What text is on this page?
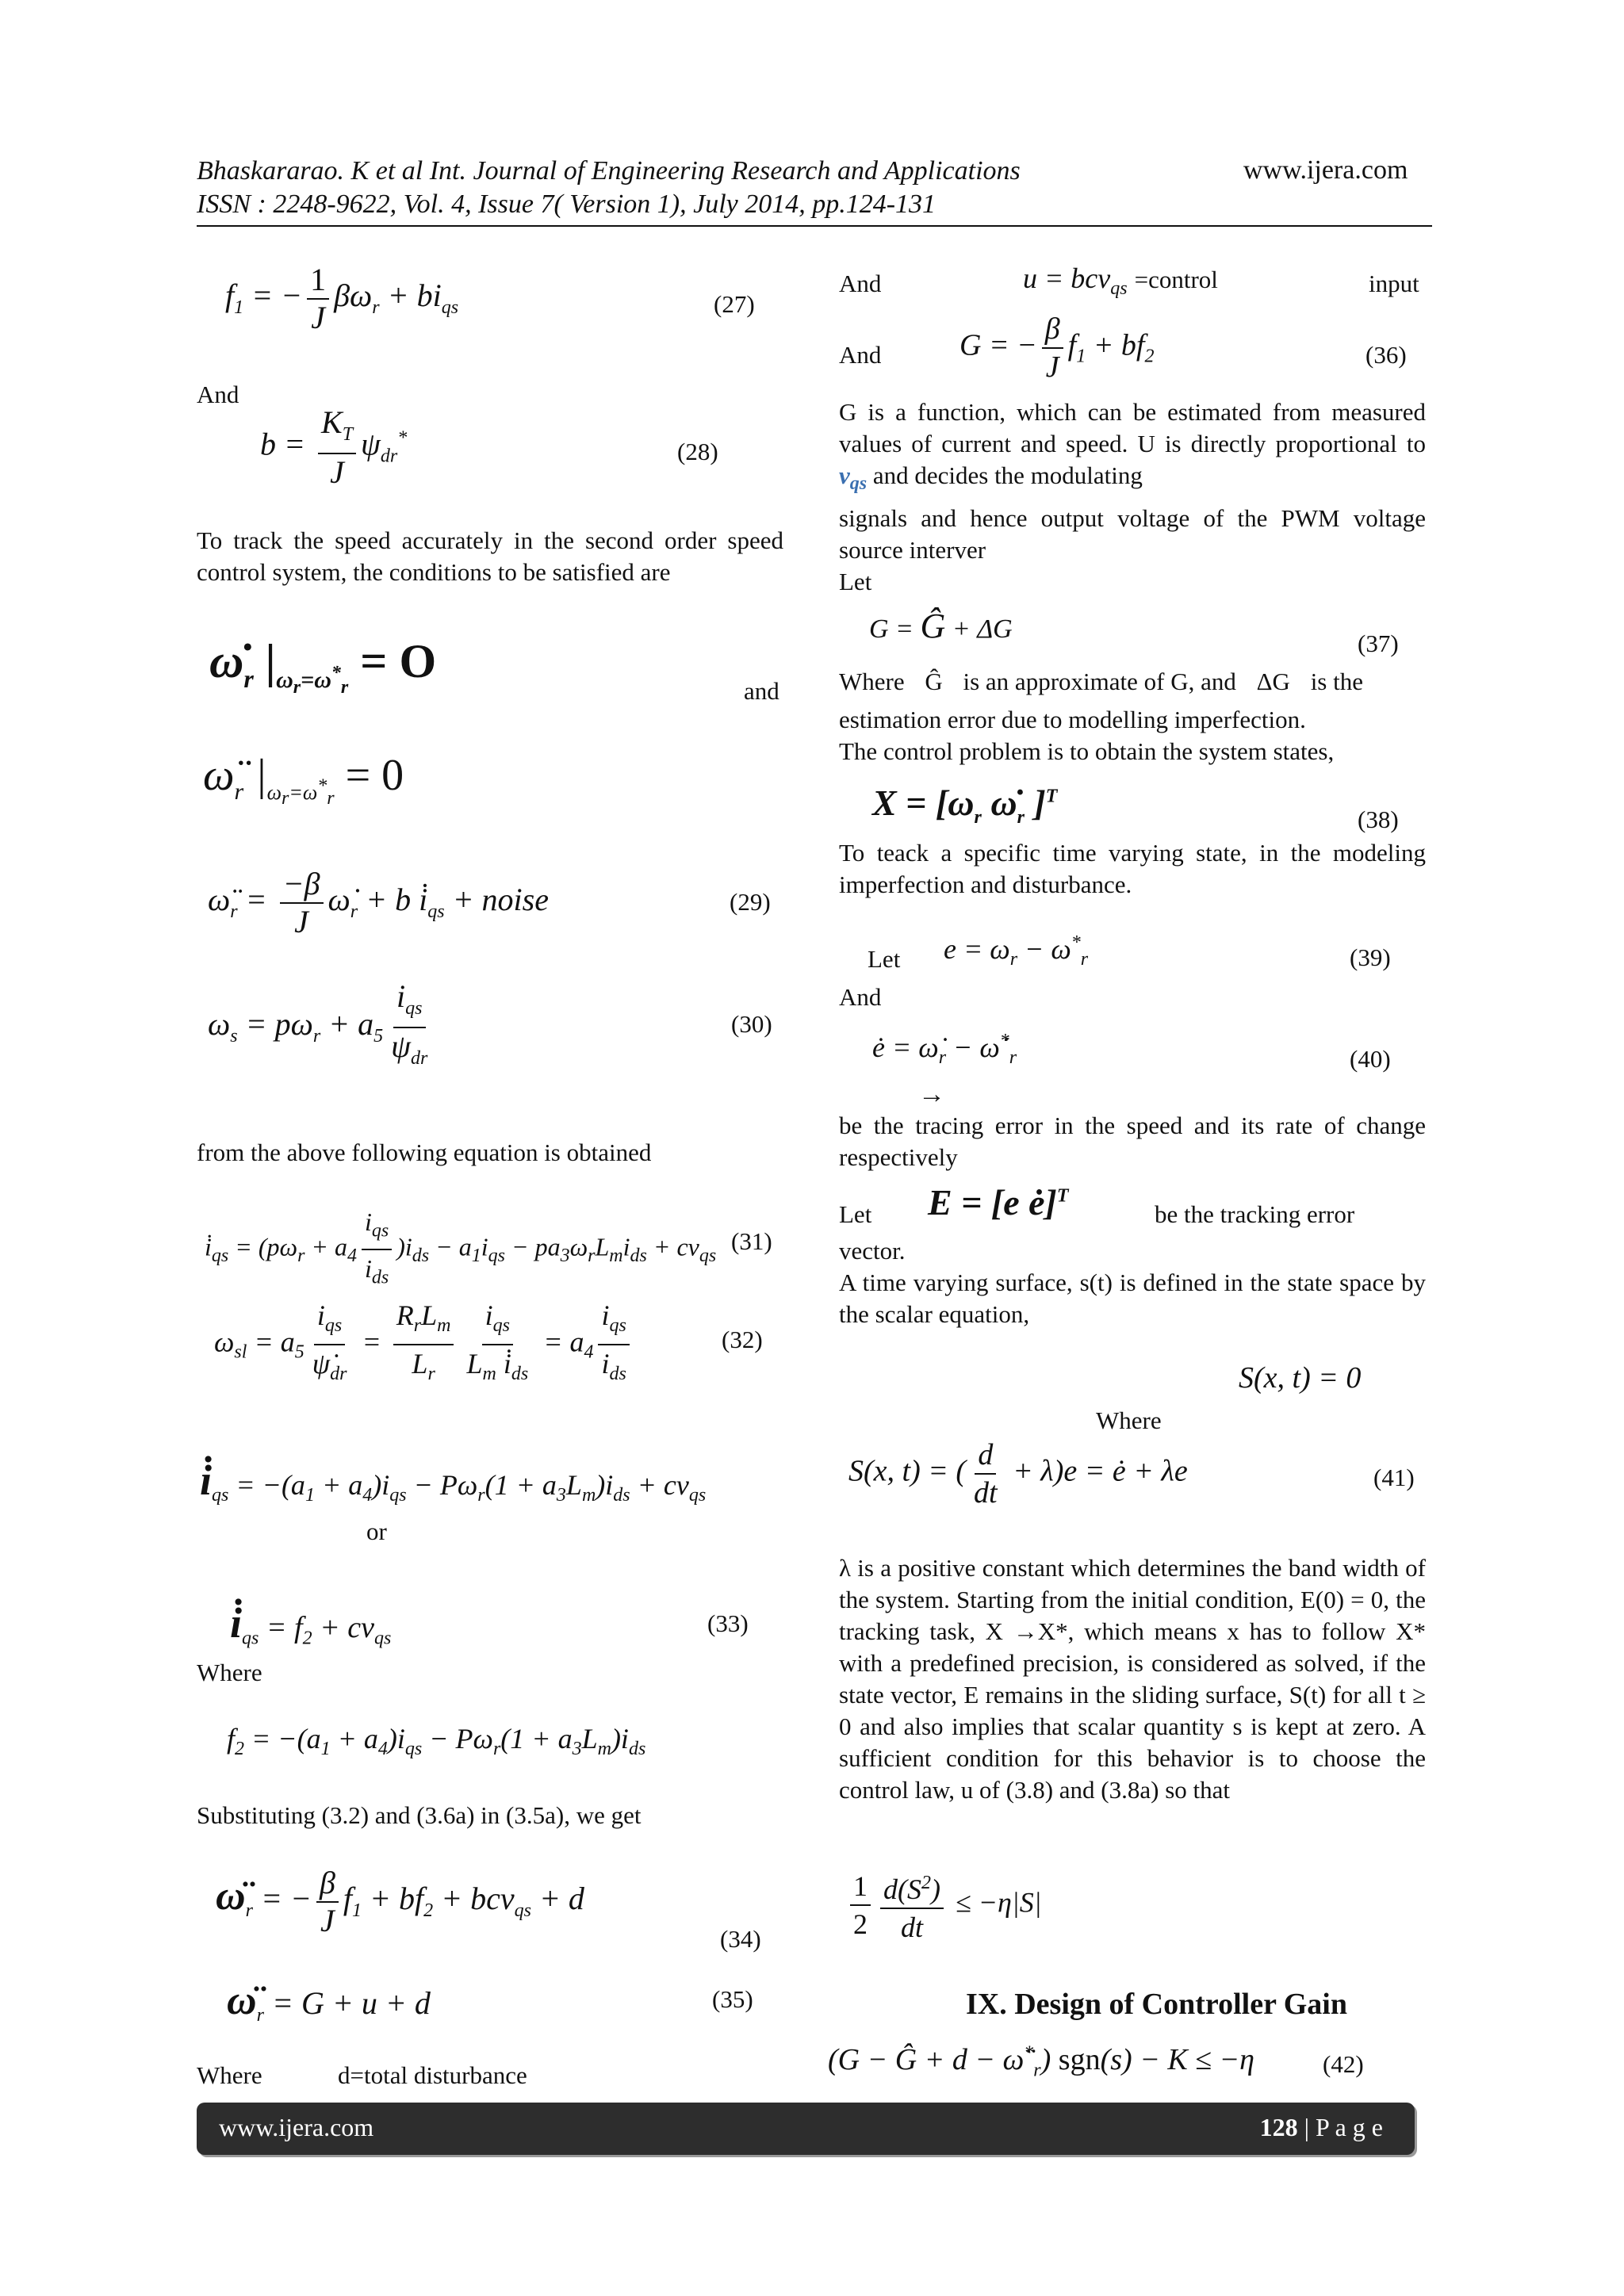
Bhaskararao. K et al Int. Journal of Engineering Research and Applications	www.ijera.com
ISSN : 2248-9622, Vol. 4, Issue 7( Version 1), July 2014, pp.124-131
$f_1$ = − $\frac{1}{J} \beta\omega_r + bi_{qs}$	(27)
And
$b = \frac{K_T}{J} \psi_{dr}^*$	(28)
To track the speed accurately in the second order speed control system, the conditions to be satisfied are
$\omegȧ_r$ $|_{\omega_r=\omega^*_r} = O$
and
$\omegä_r$ $|_{\omega_r=\omega^*_r} = 0$
$\omegä_r = \frac{-\beta}{J}$ $\omegȧ_r + b$ $i̇_{qs}$ + noise	(29)
$\omega_s = p\omega_r + a_5 \frac{i_{qs}}{\psi_{dr}}$	(30)
from the above following equation is obtained
$i̇_{qs} = (p\omega_r + a_4 \frac{i_{qs}}{i_{ds}} )i_{ds} - a_1i_{qs} - pa_3\omega_rL_mi_{ds} + cv_{qs}$
(31)
$\omega_{sl} = a_5 \frac{i_{qs}}{\psi̇_{dr}} = \frac{R_rL_m}{L_r} \frac{i_{qs}}{L_m i̇_{ds}} = a_4 \frac{i_{qs}}{i_{ds}}$	(32)
$i̇_{qs} = -(a_1 + a_4)i_{qs} - P\omega_r(1 + a_3L_m)i_{ds} + cv_{qs}$
or
$i̇_{qs} = f_2 + cv_{qs}$
(33)
Where
$f_2 = -(a_1 + a_4)i_{qs} - P\omega_r(1 + a_3L_m)i_{ds}$
Substituting (3.2) and (3.6a) in (3.5a), we get
$\omegä_r$ = − $\frac{\beta}{J} f_1 + bf_2 + bcv_{qs} + d$
(34)
$\omegä_r = G + u + d$	(35)
Where	d=total disturbance
And	u = bcv$_{qs}$ =control	input
And	G = − $\frac{\beta}{J} f_1 + bf_2$	(36)
G is a function, which can be estimated from measured values of current and speed. U is directly proportional to $v_{qs}$ and decides the modulating
signals and hence output voltage of the PWM voltage source interver
Let
G = Ĝ + ΔG	(37)
Where Ĝ is an approximate of G, and ΔG is the
estimation error due to modelling imperfection.
The control problem is to obtain the system states,
$X = [\omega_r$ $\omegȧ_r$ ]$^T$
(38)
To teack a specific time varying state, in the modeling imperfection and disturbance.
Let $e = \omega_r - \omega^*_r$	(39)
And
ė = $\omegȧ_r$ − $\omegȧ^*_r$	(40)
→
be the tracing error in the speed and its rate of change respectively
Let E = [e ė]$^T$
be the tracking error
vector.
A time varying surface, s(t) is defined in the state space by the scalar equation,
S(x, t) = 0
Where
S(x, t) = ( $\frac{d}{dt} + \lambda)e$ = ė + λe	(41)
λ is a positive constant which determines the band width of the system. Starting from the initial condition, E(0) = 0, the tracking task, X →X*, which means x has to follow X* with a predefined precision, is considered as solved, if the state vector, E remains in the sliding surface, S(t) for all t ≥ 0 and also implies that scalar quantity s is kept at zero. A sufficient condition for this behavior is to choose the control law, u of (3.8) and (3.8a) so that
$\frac{1}{2} \frac{d(S^2)}{dt} \le -\eta|S|$
IX. Design of Controller Gain
(G − Ĝ + $d - \omegä^*_r$) sgn(s) − K ≤ −η	(42)
www.ijera.com	128 | P a g e
